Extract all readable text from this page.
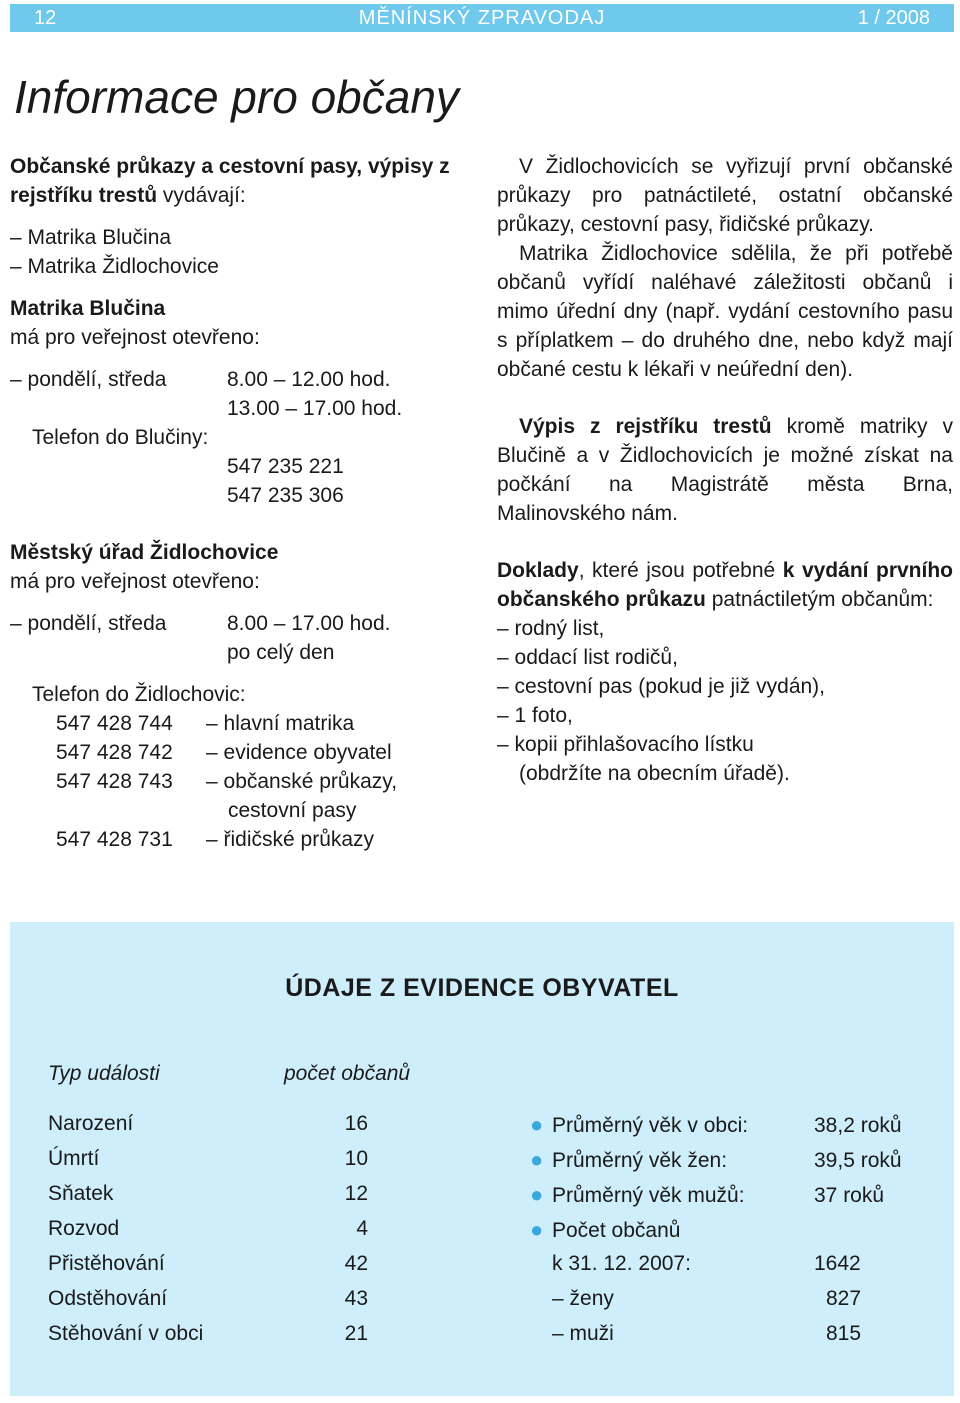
12	MĚNÍNSKÝ ZPRAVODAJ	1 / 2008
Informace pro občany

Občanské průkazy a cestovní pasy, výpisy z rejstříku trestů vydávají:

– Matrika Blučina

– Matrika Židlochovice

Matrika Blučina

má pro veřejnost otevřeno:

– pondělí, středa	8.00 – 12.00 hod.
13.00 – 17.00 hod.

Telefon do Blučiny:

547 235 221
547 235 306

Městský úřad Židlochovice

má pro veřejnost otevřeno:

– pondělí, středa	8.00 – 17.00 hod.
po celý den

Telefon do Židlochovic:

547 428 744	– hlavní matrika
547 428 742	– evidence obyvatel
547 428 743	– občanské průkazy,
cestovní pasy
547 428 731	– řidičské průkazy

V Židlochovicích se vyřizují první občanské průkazy pro patnáctileté, ostatní občanské průkazy, cestovní pasy, řidičské průkazy.

Matrika Židlochovice sdělila, že při potřebě občanů vyřídí naléhavé záležitosti občanů i mimo úřední dny (např. vydání cestovního pasu s příplatkem – do druhého dne, nebo když mají občané cestu k lékaři v neúřední den).

Výpis z rejstříku trestů kromě matriky v Blučině a v Židlochovicích je možné získat na počkání na Magistrátě města Brna, Malinovského nám.

Doklady, které jsou potřebné k vydání prvního občanského průkazu patnáctiletým občanům:

– rodný list,

– oddací list rodičů,

– cestovní pas (pokud je již vydán),

– 1 foto,

– kopii přihlašovacího lístku

(obdržíte na obecním úřadě).

ÚDAJE Z EVIDENCE OBYVATEL
Typ události	počet občanů
Narození	16
Úmrtí	10
Sňatek	12
Rozvod	4
Přistěhování	42
Odstěhování	43
Stěhování v obci	21
● Průměrný věk v obci:	38,2 roků
● Průměrný věk žen:	39,5 roků
● Průměrný věk mužů:	37 roků
● Počet občanů
k 31. 12. 2007:	1642
– ženy	827
– muži	815
